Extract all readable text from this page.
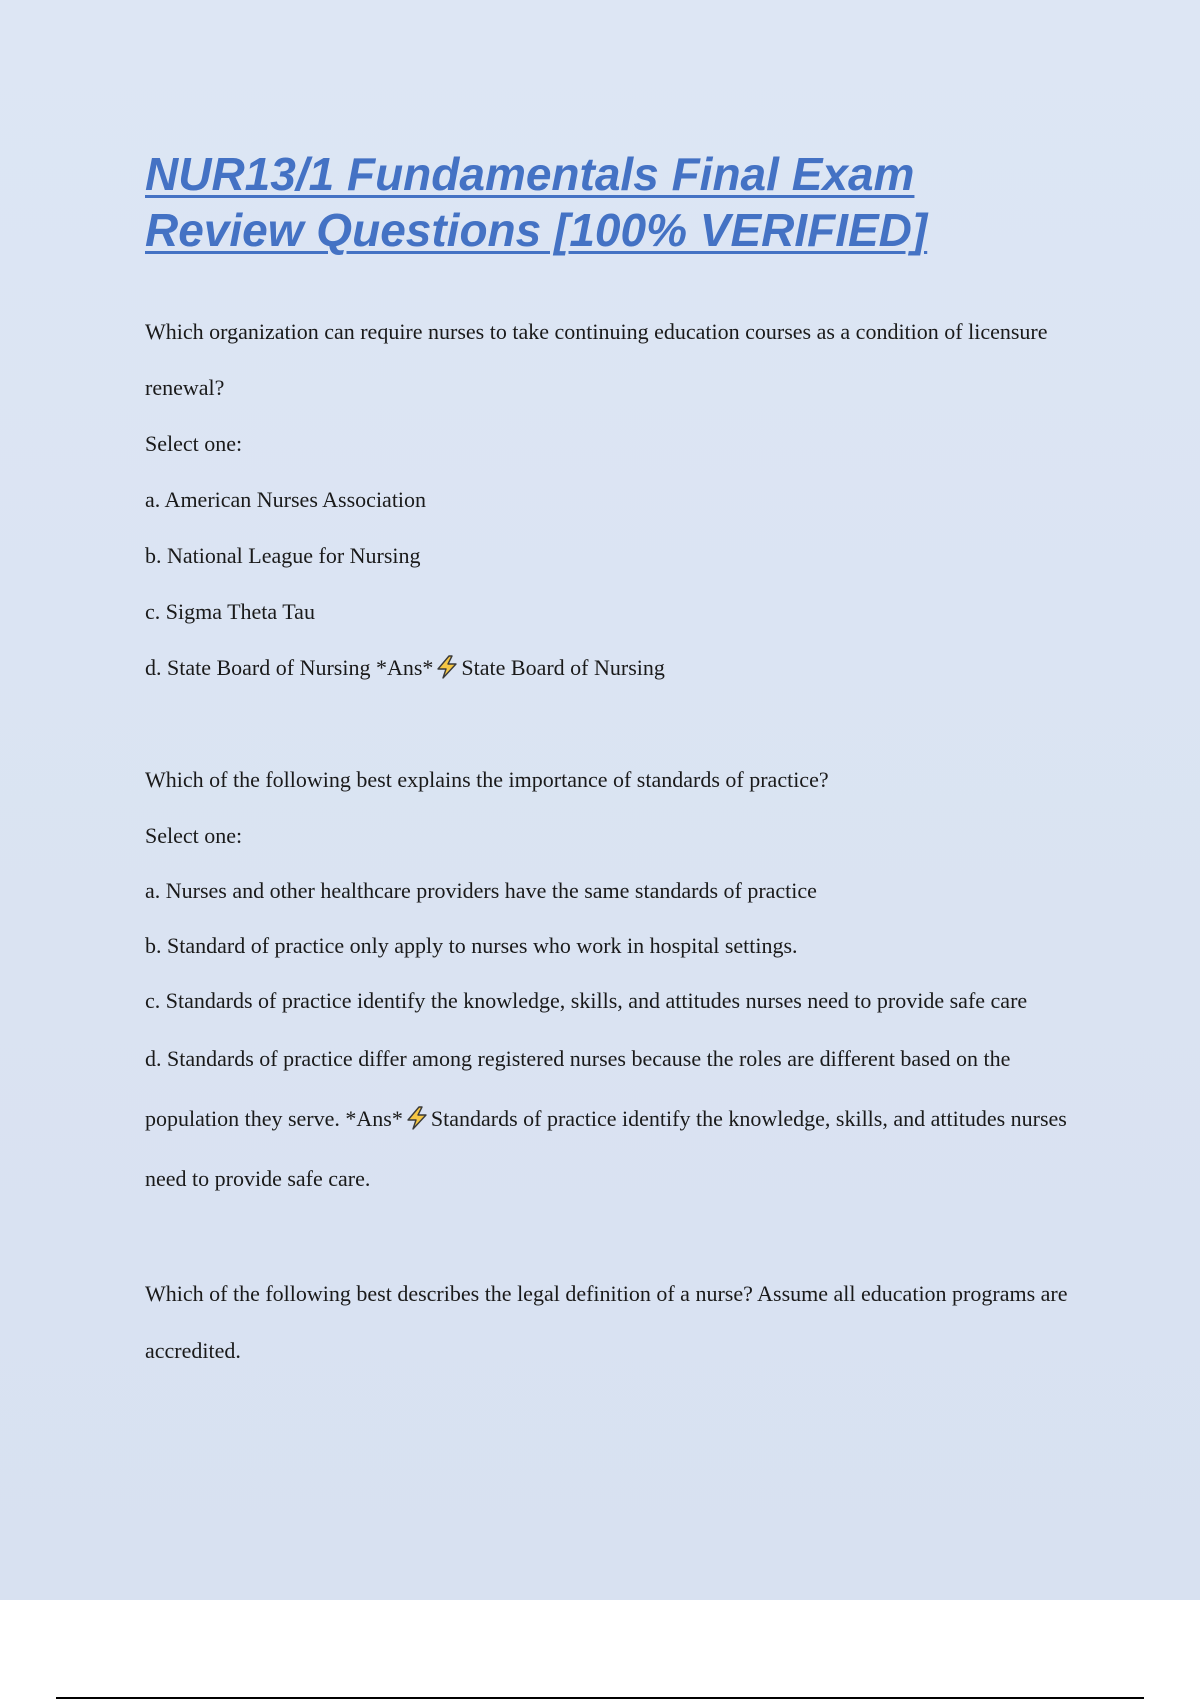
NUR13/1 Fundamentals Final Exam Review Questions [100% VERIFIED]

Which organization can require nurses to take continuing education courses as a condition of licensure renewal?

Select one:

a. American Nurses Association

b. National League for Nursing

c. Sigma Theta Tau

d. State Board of Nursing *Ans* State Board of Nursing

Which of the following best explains the importance of standards of practice?

Select one:

a. Nurses and other healthcare providers have the same standards of practice

b. Standard of practice only apply to nurses who work in hospital settings.

c. Standards of practice identify the knowledge, skills, and attitudes nurses need to provide safe care

d. Standards of practice differ among registered nurses because the roles are different based on the population they serve. *Ans* Standards of practice identify the knowledge, skills, and attitudes nurses need to provide safe care.

Which of the following best describes the legal definition of a nurse? Assume all education programs are accredited.
